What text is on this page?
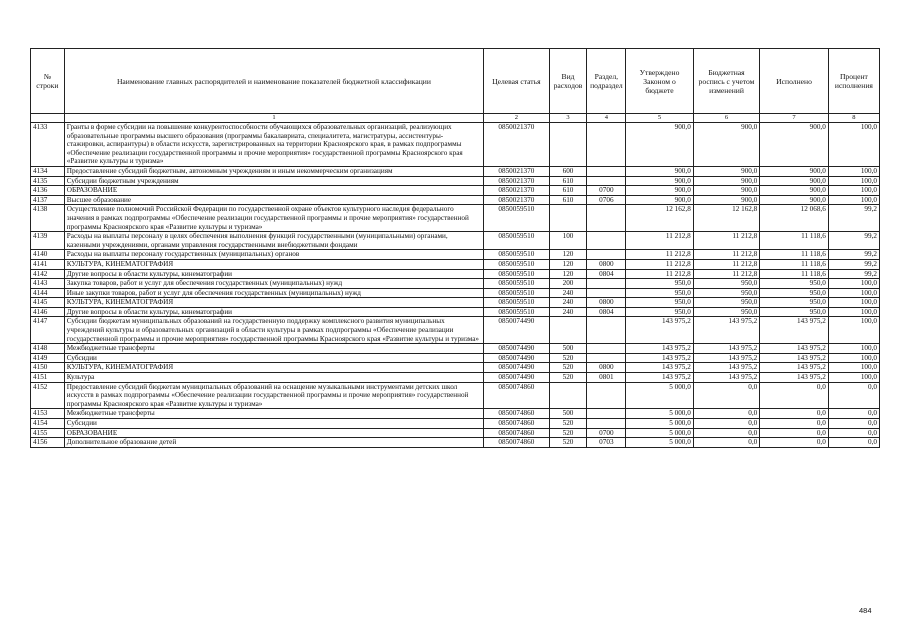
№ строки	Наименование главных распорядителей и наименование показателей бюджетной классификации	Целевая статья	Вид расходов	Раздел, подраздел	Утверждено Законом о бюджете	Бюджетная роспись с учетом изменений	Исполнено	Процент исполнения
	1	2	3	4	5	6	7	8
4133	Гранты в форме субсидии на повышение конкурентоспособности обучающихся образовательных организаций, реализующих образовательные программы высшего образования (программы бакалавриата, специалитета, магистратуры, ассистентуры-стажировки, аспирантуры) в области искусств, зарегистрированных на территории Красноярского края, в рамках подпрограммы «Обеспечение реализации государственной программы и прочие мероприятия» государственной программы Красноярского края «Развитие культуры и туризма»	0850021370			900,0	900,0	900,0	100,0
4134	Предоставление субсидий бюджетным, автономным учреждениям и иным некоммерческим организациям	0850021370	600		900,0	900,0	900,0	100,0
4135	Субсидии бюджетным учреждениям	0850021370	610		900,0	900,0	900,0	100,0
4136	ОБРАЗОВАНИЕ	0850021370	610	0700	900,0	900,0	900,0	100,0
4137	Высшее образование	0850021370	610	0706	900,0	900,0	900,0	100,0
4138	Осуществление полномочий Российской Федерации по государственной охране объектов культурного наследия федерального значения в рамках подпрограммы «Обеспечение реализации государственной программы и прочие мероприятия» государственной программы Красноярского края «Развитие культуры и туризма»	0850059510			12 162,8	12 162,8	12 068,6	99,2
4139	Расходы на выплаты персоналу в целях обеспечения выполнения функций государственными (муниципальными) органами, казенными учреждениями, органами управления государственными внебюджетными фондами	0850059510	100		11 212,8	11 212,8	11 118,6	99,2
4140	Расходы на выплаты персоналу государственных (муниципальных) органов	0850059510	120		11 212,8	11 212,8	11 118,6	99,2
4141	КУЛЬТУРА, КИНЕМАТОГРАФИЯ	0850059510	120	0800	11 212,8	11 212,8	11 118,6	99,2
4142	Другие вопросы в области культуры, кинематографии	0850059510	120	0804	11 212,8	11 212,8	11 118,6	99,2
4143	Закупка товаров, работ и услуг для обеспечения государственных (муниципальных) нужд	0850059510	200		950,0	950,0	950,0	100,0
4144	Иные закупки товаров, работ и услуг для обеспечения государственных (муниципальных) нужд	0850059510	240		950,0	950,0	950,0	100,0
4145	КУЛЬТУРА, КИНЕМАТОГРАФИЯ	0850059510	240	0800	950,0	950,0	950,0	100,0
4146	Другие вопросы в области культуры, кинематографии	0850059510	240	0804	950,0	950,0	950,0	100,0
4147	Субсидии бюджетам муниципальных образований на государственную поддержку комплексного развития муниципальных учреждений культуры и образовательных организаций в области культуры в рамках подпрограммы «Обеспечение реализации государственной программы и прочие мероприятия» государственной программы Красноярского края «Развитие культуры и туризма»	0850074490			143 975,2	143 975,2	143 975,2	100,0
4148	Межбюджетные трансферты	0850074490	500		143 975,2	143 975,2	143 975,2	100,0
4149	Субсидии	0850074490	520		143 975,2	143 975,2	143 975,2	100,0
4150	КУЛЬТУРА, КИНЕМАТОГРАФИЯ	0850074490	520	0800	143 975,2	143 975,2	143 975,2	100,0
4151	Культура	0850074490	520	0801	143 975,2	143 975,2	143 975,2	100,0
4152	Предоставление субсидий бюджетам муниципальных образований на оснащение музыкальными инструментами детских школ искусств в рамках подпрограммы «Обеспечение реализации государственной программы и прочие мероприятия» государственной программы Красноярского края «Развитие культуры и туризма»	0850074860			5 000,0	0,0	0,0	0,0
4153	Межбюджетные трансферты	0850074860	500		5 000,0	0,0	0,0	0,0
4154	Субсидии	0850074860	520		5 000,0	0,0	0,0	0,0
4155	ОБРАЗОВАНИЕ	0850074860	520	0700	5 000,0	0,0	0,0	0,0
4156	Дополнительное образование детей	0850074860	520	0703	5 000,0	0,0	0,0	0,0
484
